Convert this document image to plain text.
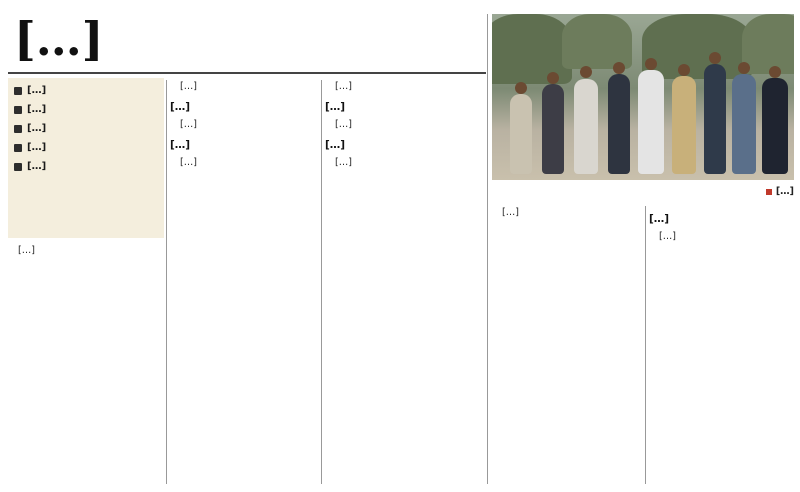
[…]
[…]
[…]
[…]
[…]
[…]

[…]

[…]

[…]

[…]

[…]

[…]

[…]

[…]

[…]

[…]

[…]

[…]

[…]

[…]

[…]
